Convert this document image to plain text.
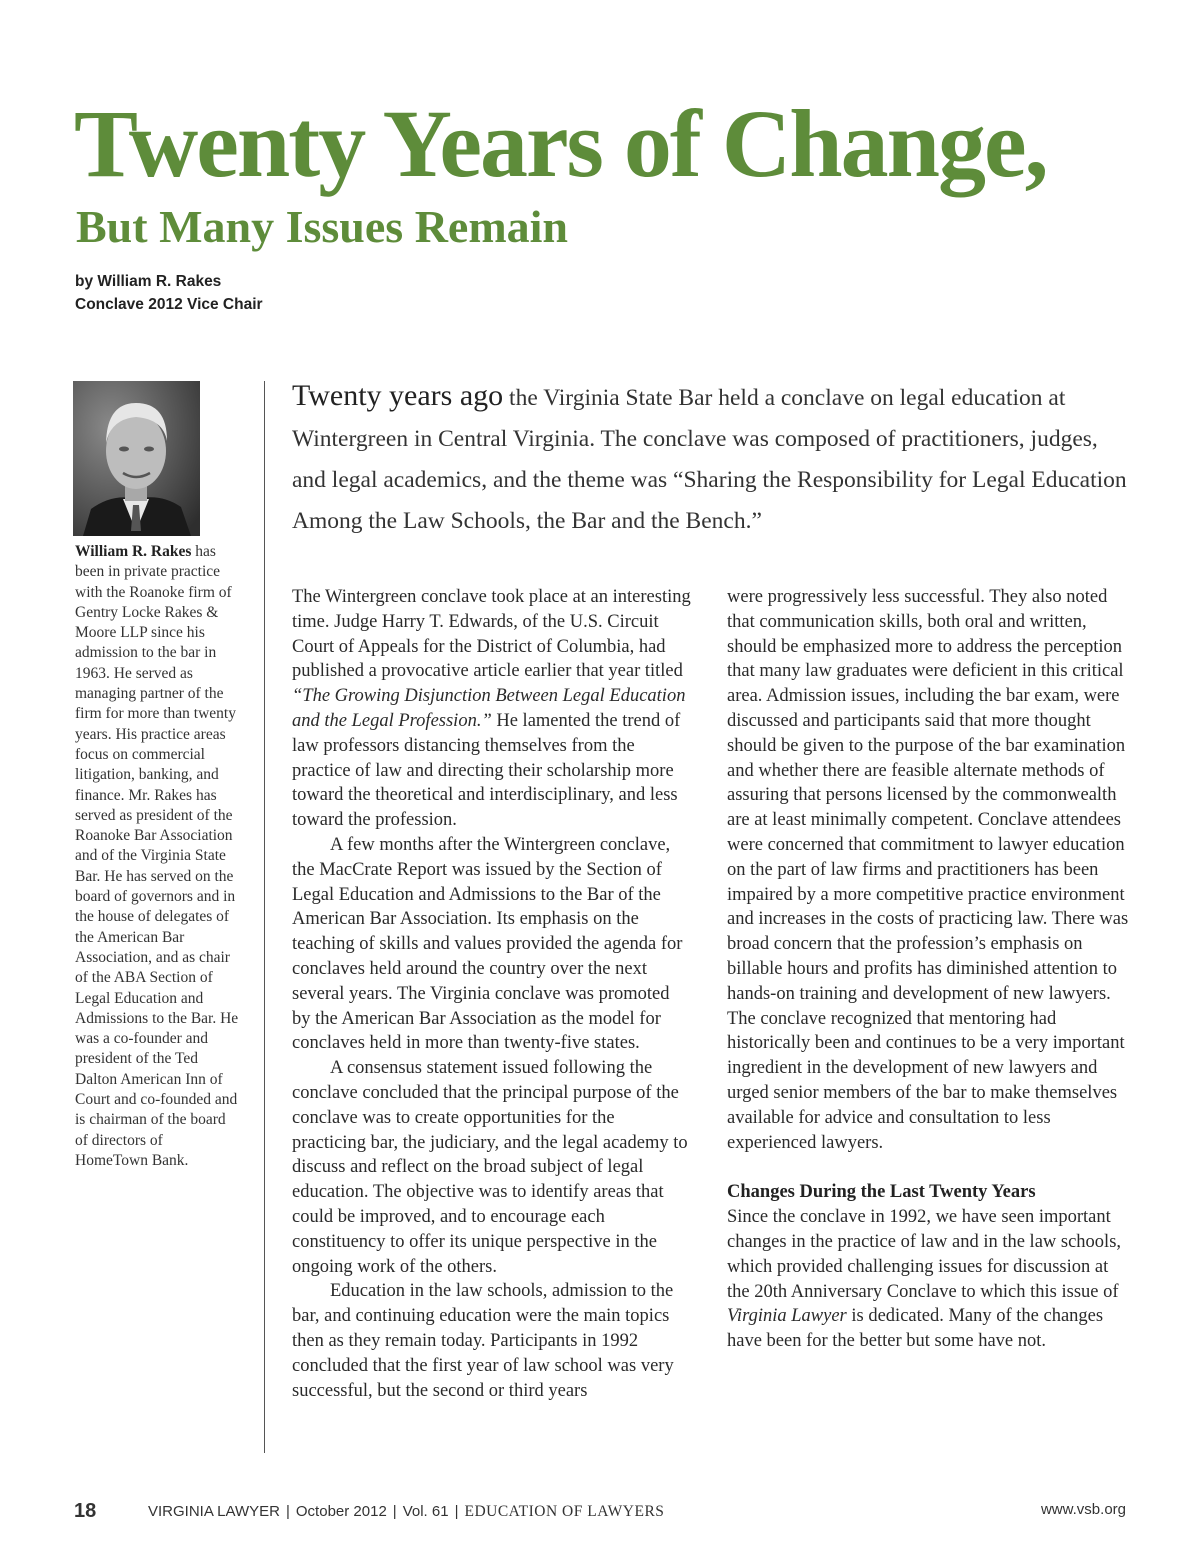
Twenty Years of Change,
But Many Issues Remain
by William R. Rakes
Conclave 2012 Vice Chair

William R. Rakes has been in private practice with the Roanoke firm of Gentry Locke Rakes & Moore LLP since his admission to the bar in 1963. He served as managing partner of the firm for more than twenty years. His practice areas focus on commercial litigation, banking, and finance. Mr. Rakes has served as president of the Roanoke Bar Association and of the Virginia State Bar. He has served on the board of governors and in the house of delegates of the American Bar Association, and as chair of the ABA Section of Legal Education and Admissions to the Bar. He was a co-founder and president of the Ted Dalton American Inn of Court and co-founded and is chairman of the board of directors of HomeTown Bank.

Twenty years ago the Virginia State Bar held a conclave on legal education at Wintergreen in Central Virginia. The conclave was composed of practitioners, judges, and legal academics, and the theme was “Sharing the Responsibility for Legal Education Among the Law Schools, the Bar and the Bench.”

The Wintergreen conclave took place at an interesting time. Judge Harry T. Edwards, of the U.S. Circuit Court of Appeals for the District of Columbia, had published a provocative article earlier that year titled “The Growing Disjunction Between Legal Education and the Legal Profession.” He lamented the trend of law professors distancing themselves from the practice of law and directing their scholarship more toward the theoretical and interdisciplinary, and less toward the profession.

A few months after the Wintergreen conclave, the MacCrate Report was issued by the Section of Legal Education and Admissions to the Bar of the American Bar Association. Its emphasis on the teaching of skills and values provided the agenda for conclaves held around the country over the next several years. The Virginia conclave was promoted by the American Bar Association as the model for conclaves held in more than twenty-five states.

A consensus statement issued following the conclave concluded that the principal purpose of the conclave was to create opportunities for the practicing bar, the judiciary, and the legal academy to discuss and reflect on the broad subject of legal education. The objective was to identify areas that could be improved, and to encourage each constituency to offer its unique perspective in the ongoing work of the others.

Education in the law schools, admission to the bar, and continuing education were the main topics then as they remain today. Participants in 1992 concluded that the first year of law school was very successful, but the second or third years

were progressively less successful. They also noted that communication skills, both oral and written, should be emphasized more to address the perception that many law graduates were deficient in this critical area. Admission issues, including the bar exam, were discussed and participants said that more thought should be given to the purpose of the bar examination and whether there are feasible alternate methods of assuring that persons licensed by the commonwealth are at least minimally competent. Conclave attendees were concerned that commitment to lawyer education on the part of law firms and practitioners has been impaired by a more competitive practice environment and increases in the costs of practicing law. There was broad concern that the profession’s emphasis on billable hours and profits has diminished attention to hands-on training and development of new lawyers. The conclave recognized that mentoring had historically been and continues to be a very important ingredient in the development of new lawyers and urged senior members of the bar to make themselves available for advice and consultation to less experienced lawyers.

Changes During the Last Twenty Years

Since the conclave in 1992, we have seen important changes in the practice of law and in the law schools, which provided challenging issues for discussion at the 20th Anniversary Conclave to which this issue of Virginia Lawyer is dedicated. Many of the changes have been for the better but some have not.

18	VIRGINIA LAWYER | October 2012 | Vol. 61 | EDUCATION OF LAWYERS	www.vsb.org
